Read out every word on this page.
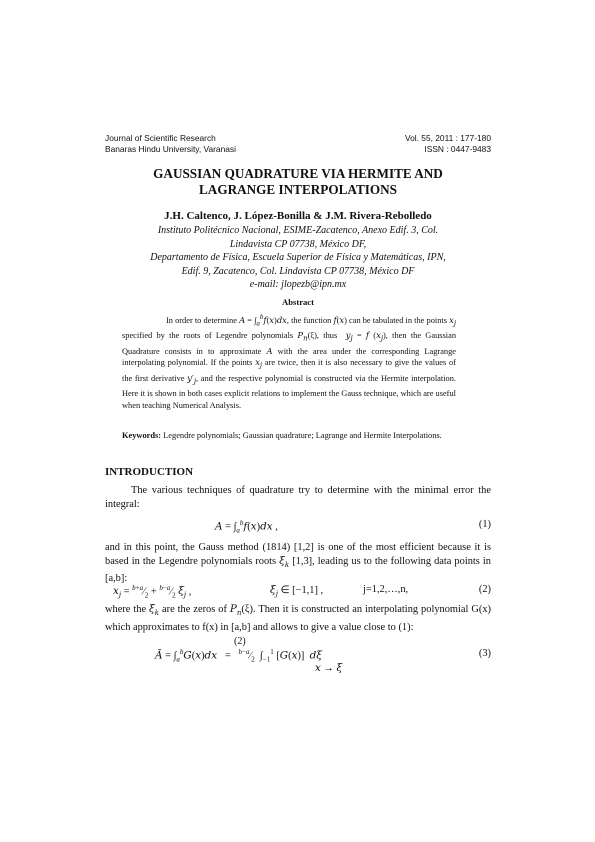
Journal of Scientific Research	Vol. 55, 2011 : 177-180
Banaras Hindu University, Varanasi	ISSN : 0447-9483
GAUSSIAN QUADRATURE VIA HERMITE AND
LAGRANGE INTERPOLATIONS
J.H. Caltenco, J. López-Bonilla & J.M. Rivera-Rebolledo
Instituto Politécnico Nacional, ESIME-Zacatenco, Anexo Edif. 3, Col.
Lindavista CP 07738, México DF,
Departamento de Física, Escuela Superior de Física y Matemáticas, IPN,
Edif. 9, Zacatenco, Col. Lindavista CP 07738, México DF
e-mail: jlopezb@ipn.mx
Abstract
In order to determine $A = \int_a^bf(x)dx$, the function f(x) can be tabulated in the points $x_j$ specified by the roots of Legendre polynomials $P_n(\xi)$, thus $y_j = f$ $(x_j)$, then the Gaussian Quadrature consists in to approximate A with the area under the corresponding Lagrange interpolating polynomial. If the points $x_j$ are twice, then it is also necessary to give the values of the first derivative $y'_j$, and the respective polynomial is constructed via the Hermite interpolation. Here it is shown in both cases explicit relations to implement the Gauss technique, which are useful when teaching Numerical Analysis.
Keywords: Legendre polynomials; Gaussian quadrature; Lagrange and Hermite Interpolations.
INTRODUCTION
The various techniques of quadrature try to determine with the minimal error the integral:
$A = \int_a^bf(x)dx$ ,	(1)
and in this point, the Gauss method (1814) [1,2] is one of the most efficient because it is based in the Legendre polynomials roots $\xi_k$ [1,3], leading us to the following data points in [a,b]:
$x_j$ = $^{b+a}⁄_2$ + $^{b-a}⁄_2$ $\xi_j$ ,	$\xi_j$ ∈ [−1,1] ,	j=1,2,…,n,	(2)
where the $\xi_k$ are the zeros of $P_n(\xi)$. Then it is constructed an interpolating polynomial G(x) which approximates to f(x) in [a,b] and allows to give a value close to (1):
(2)
Ā = $\int_a^bG(x)dx$   =   $^{b-a}⁄_2$  $\int_{-1}^1$ [G(x)]  dξ
x → ξ
(3)
